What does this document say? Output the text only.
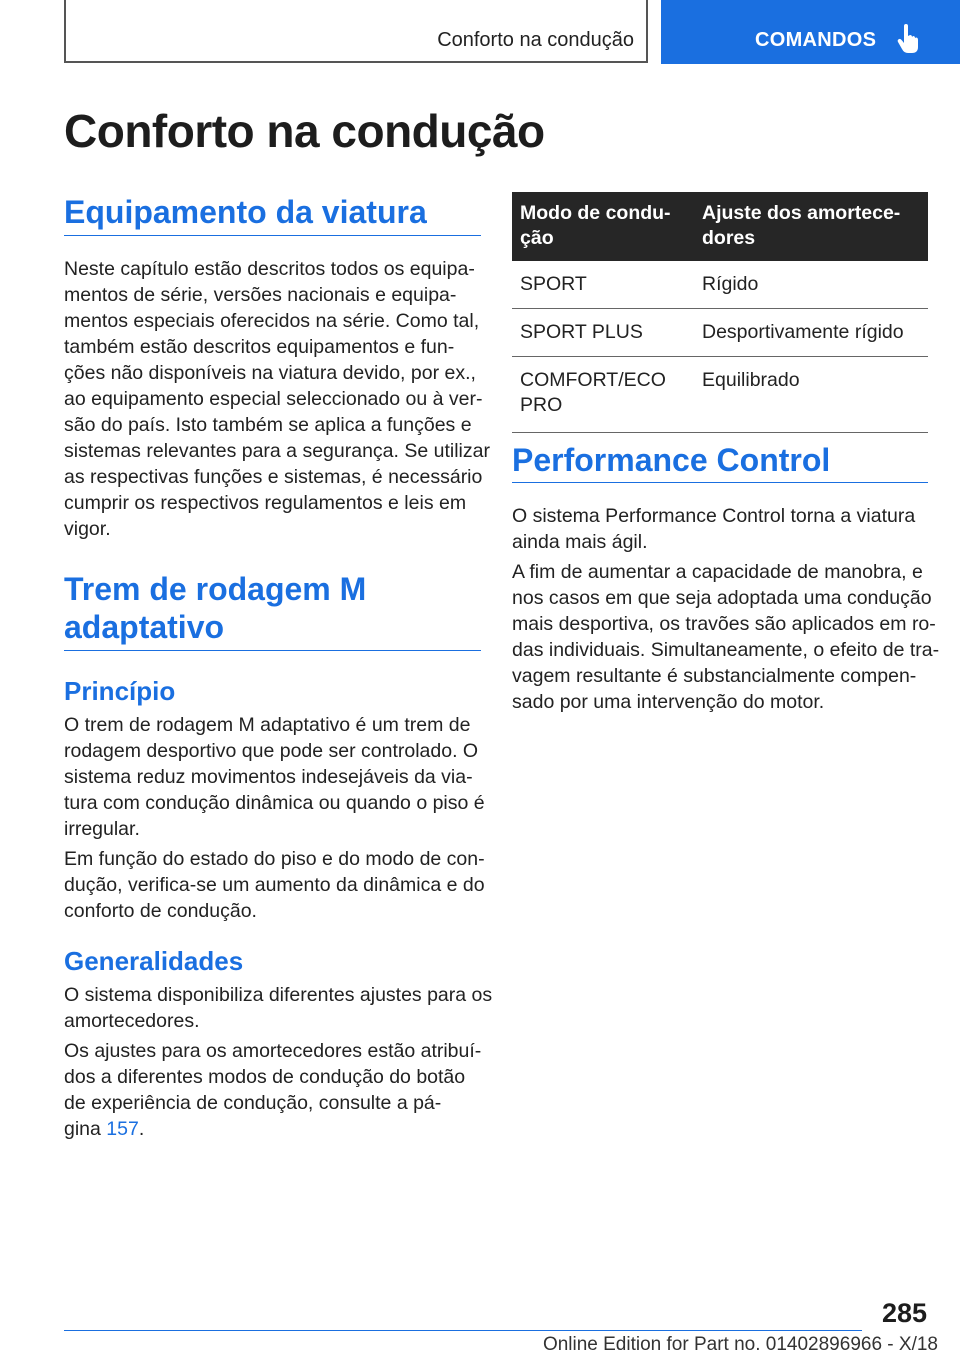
Conforto na condução	COMANDOS
Conforto na condução
Equipamento da viatura

Neste capítulo estão descritos todos os equipa-
mentos de série, versões nacionais e equipa-
mentos especiais oferecidos na série. Como tal,
também estão descritos equipamentos e fun-
ções não disponíveis na viatura devido, por ex.,
ao equipamento especial seleccionado ou à ver-
são do país. Isto também se aplica a funções e
sistemas relevantes para a segurança. Se utilizar
as respectivas funções e sistemas, é necessário
cumprir os respectivos regulamentos e leis em
vigor.

Trem de rodagem M
adaptativo
Princípio

O trem de rodagem M adaptativo é um trem de
rodagem desportivo que pode ser controlado. O
sistema reduz movimentos indesejáveis da via-
tura com condução dinâmica ou quando o piso é
irregular.

Em função do estado do piso e do modo de con-
dução, verifica-se um aumento da dinâmica e do
conforto de condução.

Generalidades

O sistema disponibiliza diferentes ajustes para os
amortecedores.

Os ajustes para os amortecedores estão atribuí-
dos a diferentes modos de condução do botão
de experiência de condução, consulte a pá-
gina 157.

Modo de condu-
ção	Ajuste dos amortece-
dores

SPORT	Rígido
SPORT PLUS	Desportivamente rígido

COMFORT/ECO
PRO	Equilibrado
Performance Control

O sistema Performance Control torna a viatura
ainda mais ágil.

A fim de aumentar a capacidade de manobra, e
nos casos em que seja adoptada uma condução
mais desportiva, os travões são aplicados em ro-
das individuais. Simultaneamente, o efeito de tra-
vagem resultante é substancialmente compen-
sado por uma intervenção do motor.

285
Online Edition for Part no. 01402896966 - X/18
